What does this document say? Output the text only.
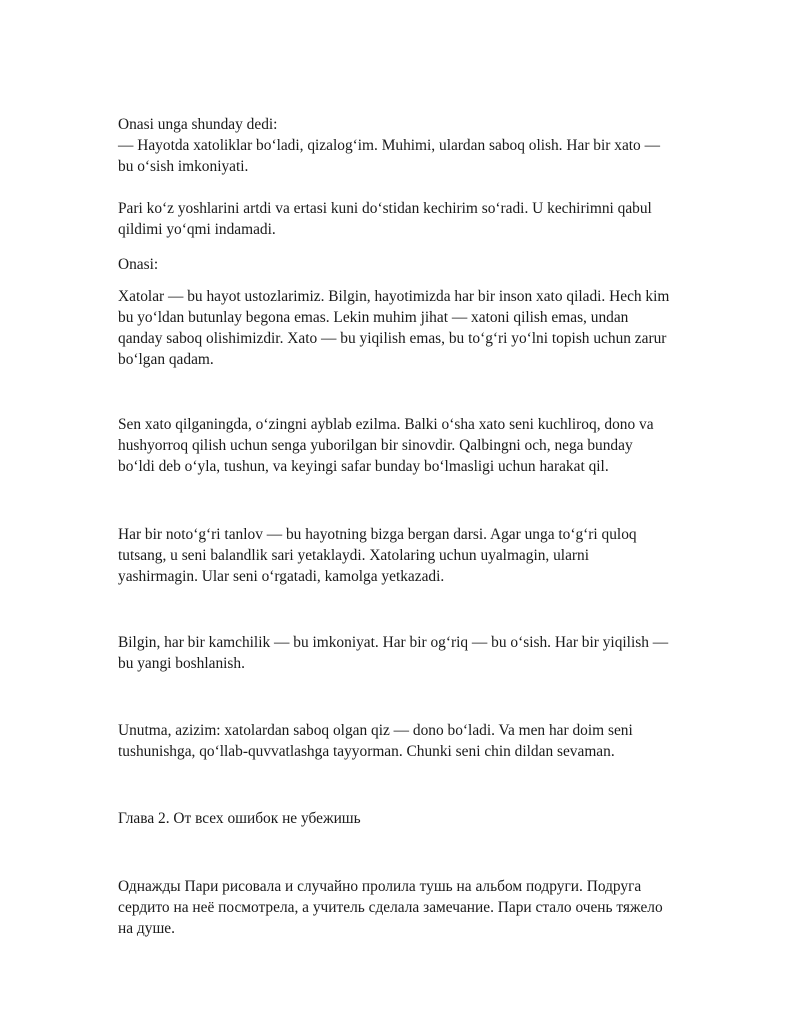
Onasi unga shunday dedi:
— Hayotda xatoliklar bo‘ladi, qizalog‘im. Muhimi, ulardan saboq olish. Har bir xato —
bu o‘sish imkoniyati.
Pari ko‘z yoshlarini artdi va ertasi kuni do‘stidan kechirim so‘radi. U kechirimni qabul
qildimi yo‘qmi indamadi.
Onasi:
Xatolar — bu hayot ustozlarimiz. Bilgin, hayotimizda har bir inson xato qiladi. Hech kim
bu yo‘ldan butunlay begona emas. Lekin muhim jihat — xatoni qilish emas, undan
qanday saboq olishimizdir. Xato — bu yiqilish emas, bu to‘g‘ri yo‘lni topish uchun zarur
bo‘lgan qadam.
Sen xato qilganingda, o‘zingni ayblab ezilma. Balki o‘sha xato seni kuchliroq, dono va
hushyorroq qilish uchun senga yuborilgan bir sinovdir. Qalbingni och, nega bunday
bo‘ldi deb o‘yla, tushun, va keyingi safar bunday bo‘lmasligi uchun harakat qil.
Har bir noto‘g‘ri tanlov — bu hayotning bizga bergan darsi. Agar unga to‘g‘ri quloq
tutsang, u seni balandlik sari yetaklaydi. Xatolaring uchun uyalmagin, ularni
yashirmagin. Ular seni o‘rgatadi, kamolga yetkazadi.
Bilgin, har bir kamchilik — bu imkoniyat. Har bir og‘riq — bu o‘sish. Har bir yiqilish —
bu yangi boshlanish.
Unutma, azizim: xatolardan saboq olgan qiz — dono bo‘ladi. Va men har doim seni
tushunishga, qo‘llab-quvvatlashga tayyorman. Chunki seni chin dildan sevaman.
Глава 2. От всех ошибок не убежишь
Однажды Пари рисовала и случайно пролила тушь на альбом подруги. Подруга
сердито на неё посмотрела, а учитель сделала замечание. Пари стало очень тяжело
на душе.
